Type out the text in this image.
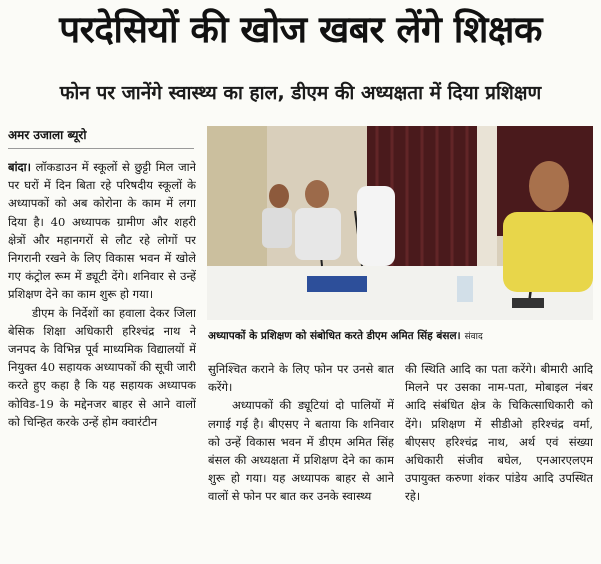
परदेसियों की खोज खबर लेंगे शिक्षक
फोन पर जानेंगे स्वास्थ्य का हाल, डीएम की अध्यक्षता में दिया प्रशिक्षण
अमर उजाला ब्यूरो

बांदा। लॉकडाउन में स्कूलों से छुट्टी मिल जाने पर घरों में दिन बिता रहे परिषदीय स्कूलों के अध्यापकों को अब कोरोना के काम में लगा दिया है। 40 अध्यापक ग्रामीण और शहरी क्षेत्रों और महानगरों से लौट रहे लोगों पर निगरानी रखने के लिए विकास भवन में खोले गए कंट्रोल रूम में ड्यूटी देंगे। शनिवार से उन्हें प्रशिक्षण देने का काम शुरू हो गया।

डीएम के निर्देशों का हवाला देकर जिला बेसिक शिक्षा अधिकारी हरिश्चंद्र नाथ ने जनपद के विभिन्न पूर्व माध्यमिक विद्यालयों में नियुक्त 40 सहायक अध्यापकों की सूची जारी करते हुए कहा है कि यह सहायक अध्यापक कोविड-19 के मद्देनजर बाहर से आने वालों को चिन्हित करके उन्हें होम क्वारंटीन

अध्यापकों के प्रशिक्षण को संबोधित करते डीएम अमित सिंह बंसल। संवाद

सुनिश्चित कराने के लिए फोन पर उनसे बात करेंगे।

अध्यापकों की ड्यूटियां दो पालियों में लगाई गई है। बीएसए ने बताया कि शनिवार को उन्हें विकास भवन में डीएम अमित सिंह बंसल की अध्यक्षता में प्रशिक्षण देने का काम शुरू हो गया। यह अध्यापक बाहर से आने वालों से फोन पर बात कर उनके स्वास्थ्य

की स्थिति आदि का पता करेंगे। बीमारी आदि मिलने पर उसका नाम-पता, मोबाइल नंबर आदि संबंधित क्षेत्र के चिकित्साधिकारी को देंगे। प्रशिक्षण में सीडीओ हरिश्चंद्र वर्मा, बीएसए हरिश्चंद्र नाथ, अर्थ एवं संख्या अधिकारी संजीव बघेल, एनआरएलएम उपायुक्त करुणा शंकर पांडेय आदि उपस्थित रहे।
